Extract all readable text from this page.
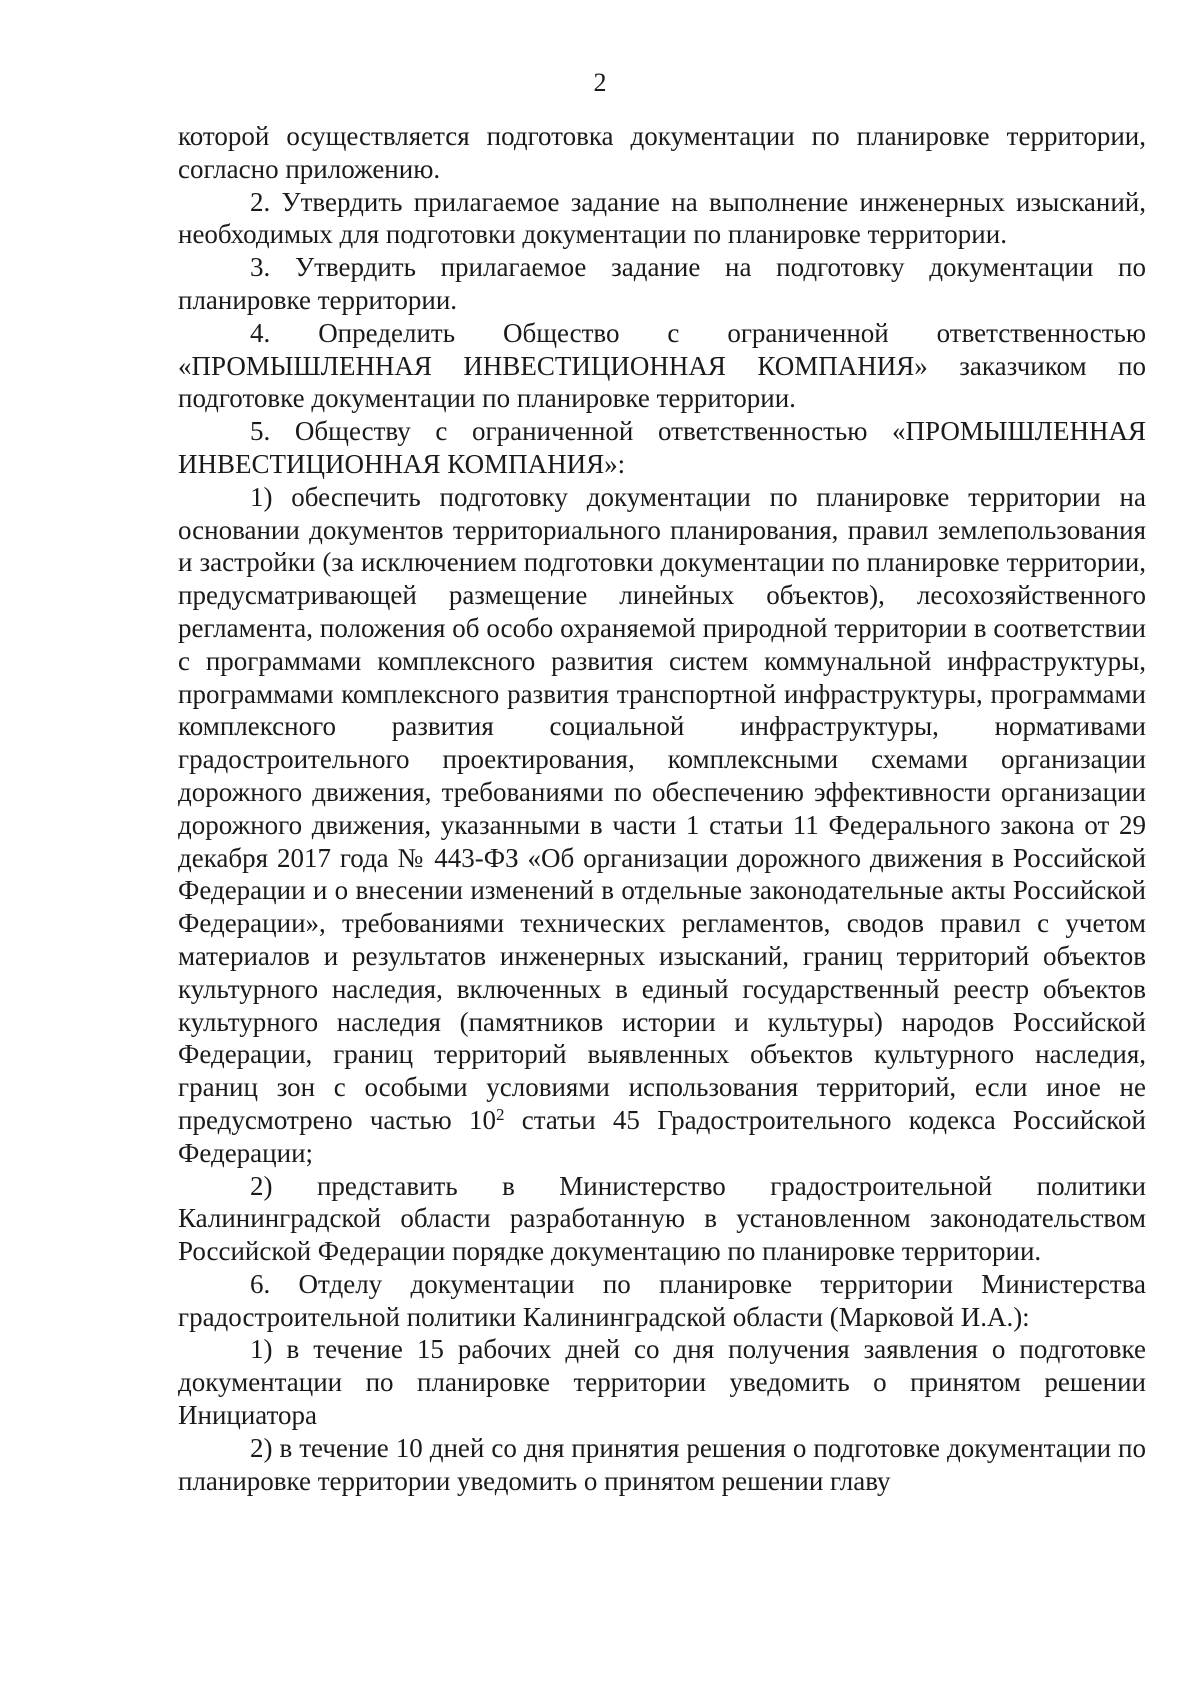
2

которой осуществляется подготовка документации по планировке территории, согласно приложению.

2. Утвердить прилагаемое задание на выполнение инженерных изысканий, необходимых для подготовки документации по планировке территории.

3. Утвердить прилагаемое задание на подготовку документации по планировке территории.

4. Определить Общество с ограниченной ответственностью «ПРОМЫШЛЕННАЯ ИНВЕСТИЦИОННАЯ КОМПАНИЯ» заказчиком по подготовке документации по планировке территории.

5. Обществу с ограниченной ответственностью «ПРОМЫШЛЕННАЯ ИНВЕСТИЦИОННАЯ КОМПАНИЯ»:

1) обеспечить подготовку документации по планировке территории на основании документов территориального планирования, правил землепользования и застройки (за исключением подготовки документации по планировке территории, предусматривающей размещение линейных объектов), лесохозяйственного регламента, положения об особо охраняемой природной территории в соответствии с программами комплексного развития систем коммунальной инфраструктуры, программами комплексного развития транспортной инфраструктуры, программами комплексного развития социальной инфраструктуры, нормативами градостроительного проектирования, комплексными схемами организации дорожного движения, требованиями по обеспечению эффективности организации дорожного движения, указанными в части 1 статьи 11 Федерального закона от 29 декабря 2017 года № 443-ФЗ «Об организации дорожного движения в Российской Федерации и о внесении изменений в отдельные законодательные акты Российской Федерации», требованиями технических регламентов, сводов правил с учетом материалов и результатов инженерных изысканий, границ территорий объектов культурного наследия, включенных в единый государственный реестр объектов культурного наследия (памятников истории и культуры) народов Российской Федерации, границ территорий выявленных объектов культурного наследия, границ зон с особыми условиями использования территорий, если иное не предусмотрено частью $10^2$ статьи 45 Градостроительного кодекса Российской Федерации;

2) представить в Министерство градостроительной политики Калининградской области разработанную в установленном законодательством Российской Федерации порядке документацию по планировке территории.

6. Отделу документации по планировке территории Министерства градостроительной политики Калининградской области (Марковой И.А.):

1) в течение 15 рабочих дней со дня получения заявления о подготовке документации по планировке территории уведомить о принятом решении Инициатора

2) в течение 10 дней со дня принятия решения о подготовке документации по планировке территории уведомить о принятом решении главу
